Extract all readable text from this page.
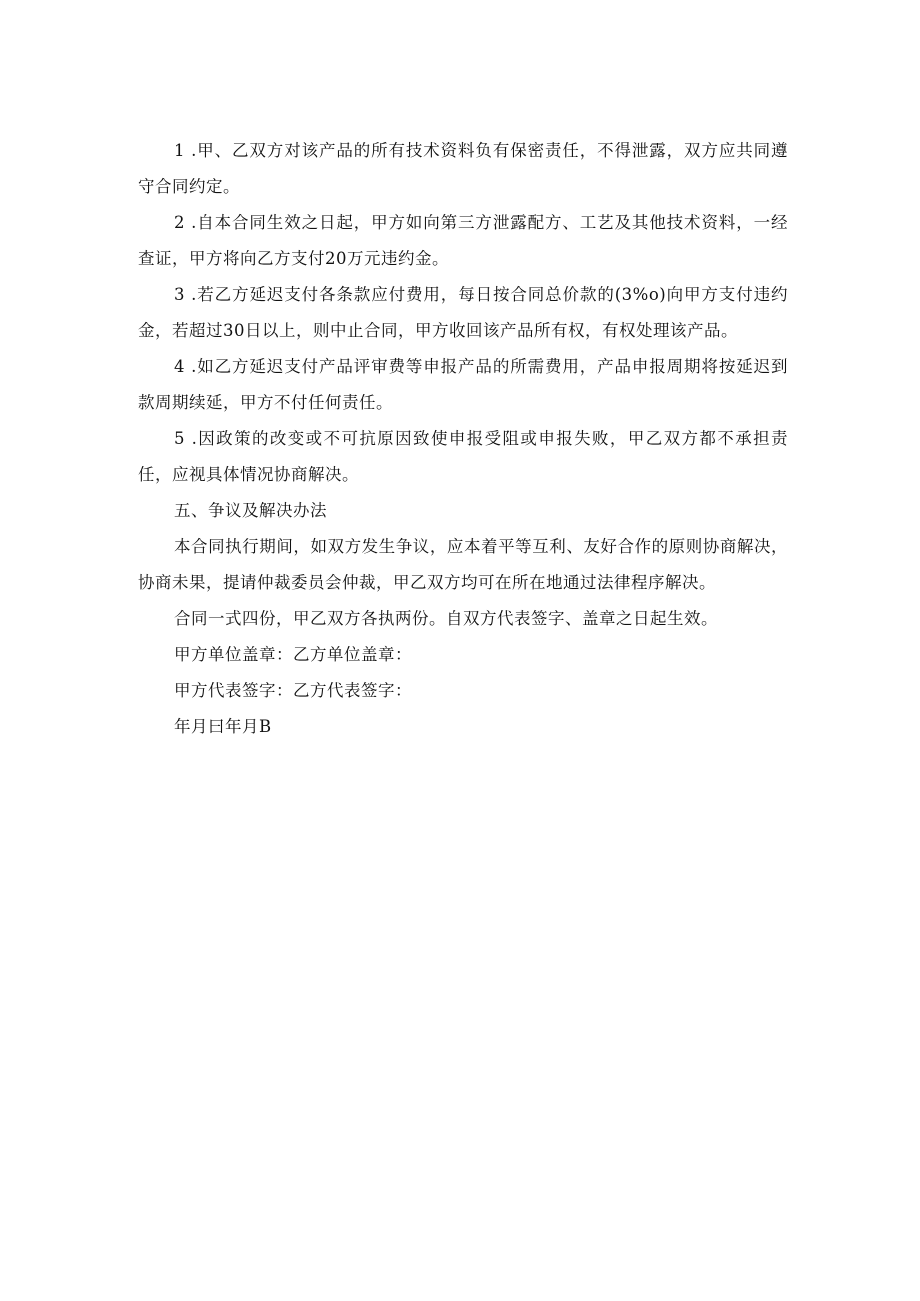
1 .甲、乙双方对该产品的所有技术资料负有保密责任，不得泄露，双方应共同遵守合同约定。

2 .自本合同生效之日起，甲方如向第三方泄露配方、工艺及其他技术资料，一经查证，甲方将向乙方支付20万元违约金。

3 .若乙方延迟支付各条款应付费用，每日按合同总价款的(3%o)向甲方支付违约金，若超过30日以上，则中止合同，甲方收回该产品所有权，有权处理该产品。

4 .如乙方延迟支付产品评审费等申报产品的所需费用，产品申报周期将按延迟到款周期续延，甲方不付任何责任。

5 .因政策的改变或不可抗原因致使申报受阻或申报失败，甲乙双方都不承担责任，应视具体情况协商解决。

五、争议及解决办法

本合同执行期间，如双方发生争议，应本着平等互利、友好合作的原则协商解决，协商未果，提请仲裁委员会仲裁，甲乙双方均可在所在地通过法律程序解决。

合同一式四份，甲乙双方各执两份。自双方代表签字、盖章之日起生效。

甲方单位盖章：乙方单位盖章：

甲方代表签字：乙方代表签字：

年月曰年月B
